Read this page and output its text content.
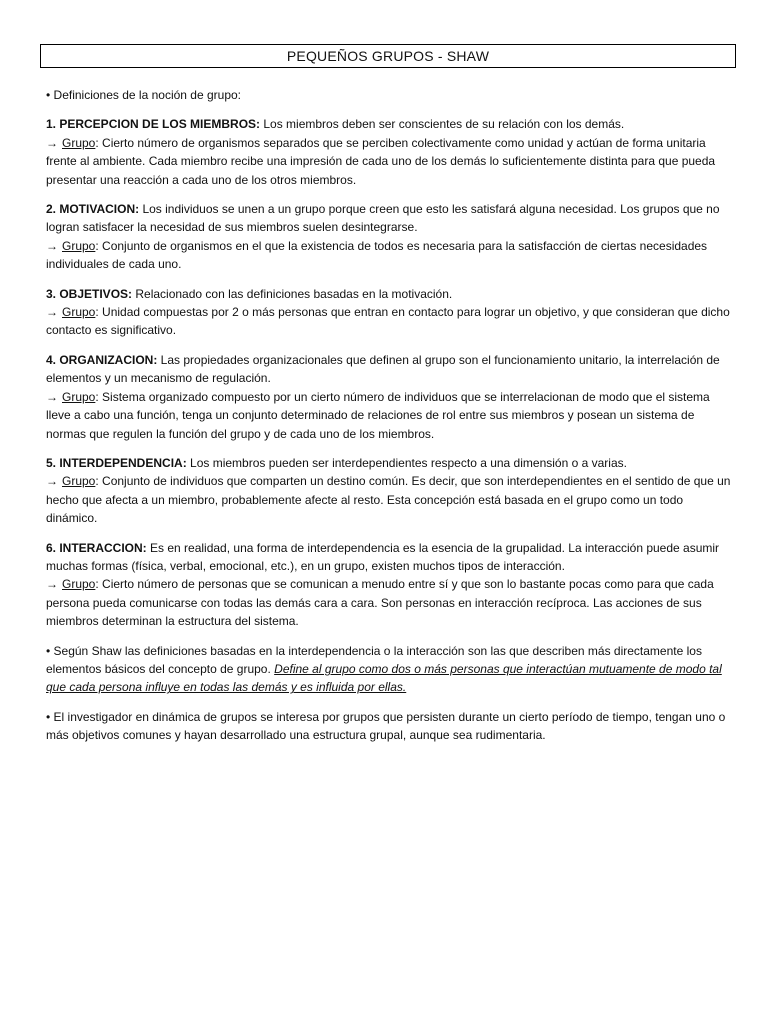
PEQUEÑOS GRUPOS - SHAW

• Definiciones de la noción de grupo:

1. PERCEPCION DE LOS MIEMBROS: Los miembros deben ser conscientes de su relación con los demás.
→ Grupo: Cierto número de organismos separados que se perciben colectivamente como unidad y actúan de forma unitaria frente al ambiente. Cada miembro recibe una impresión de cada uno de los demás lo suficientemente distinta para que pueda presentar una reacción a cada uno de los otros miembros.
2. MOTIVACION: Los individuos se unen a un grupo porque creen que esto les satisfará alguna necesidad. Los grupos que no logran satisfacer la necesidad de sus miembros suelen desintegrarse.
→ Grupo: Conjunto de organismos en el que la existencia de todos es necesaria para la satisfacción de ciertas necesidades individuales de cada uno.
3. OBJETIVOS: Relacionado con las definiciones basadas en la motivación.
→ Grupo: Unidad compuestas por 2 o más personas que entran en contacto para lograr un objetivo, y que consideran que dicho contacto es significativo.
4. ORGANIZACION: Las propiedades organizacionales que definen al grupo son el funcionamiento unitario, la interrelación de elementos y un mecanismo de regulación.
→ Grupo: Sistema organizado compuesto por un cierto número de individuos que se interrelacionan de modo que el sistema lleve a cabo una función, tenga un conjunto determinado de relaciones de rol entre sus miembros y posean un sistema de normas que regulen la función del grupo y de cada uno de los miembros.
5. INTERDEPENDENCIA: Los miembros pueden ser interdependientes respecto a una dimensión o a varias.
→ Grupo: Conjunto de individuos que comparten un destino común. Es decir, que son interdependientes en el sentido de que un hecho que afecta a un miembro, probablemente afecte al resto. Esta concepción está basada en el grupo como un todo dinámico.
6. INTERACCION: Es en realidad, una forma de interdependencia es la esencia de la grupalidad. La interacción puede asumir muchas formas (física, verbal, emocional, etc.), en un grupo, existen muchos tipos de interacción.
→ Grupo: Cierto número de personas que se comunican a menudo entre sí y que son lo bastante pocas como para que cada persona pueda comunicarse con todas las demás cara a cara. Son personas en interacción recíproca. Las acciones de sus miembros determinan la estructura del sistema.

• Según Shaw las definiciones basadas en la interdependencia o la interacción son las que describen más directamente los elementos básicos del concepto de grupo. Define al grupo como dos o más personas que interactúan mutuamente de modo tal que cada persona influye en todas las demás y es influida por ellas.

• El investigador en dinámica de grupos se interesa por grupos que persisten durante un cierto período de tiempo, tengan uno o más objetivos comunes y hayan desarrollado una estructura grupal, aunque sea rudimentaria.
